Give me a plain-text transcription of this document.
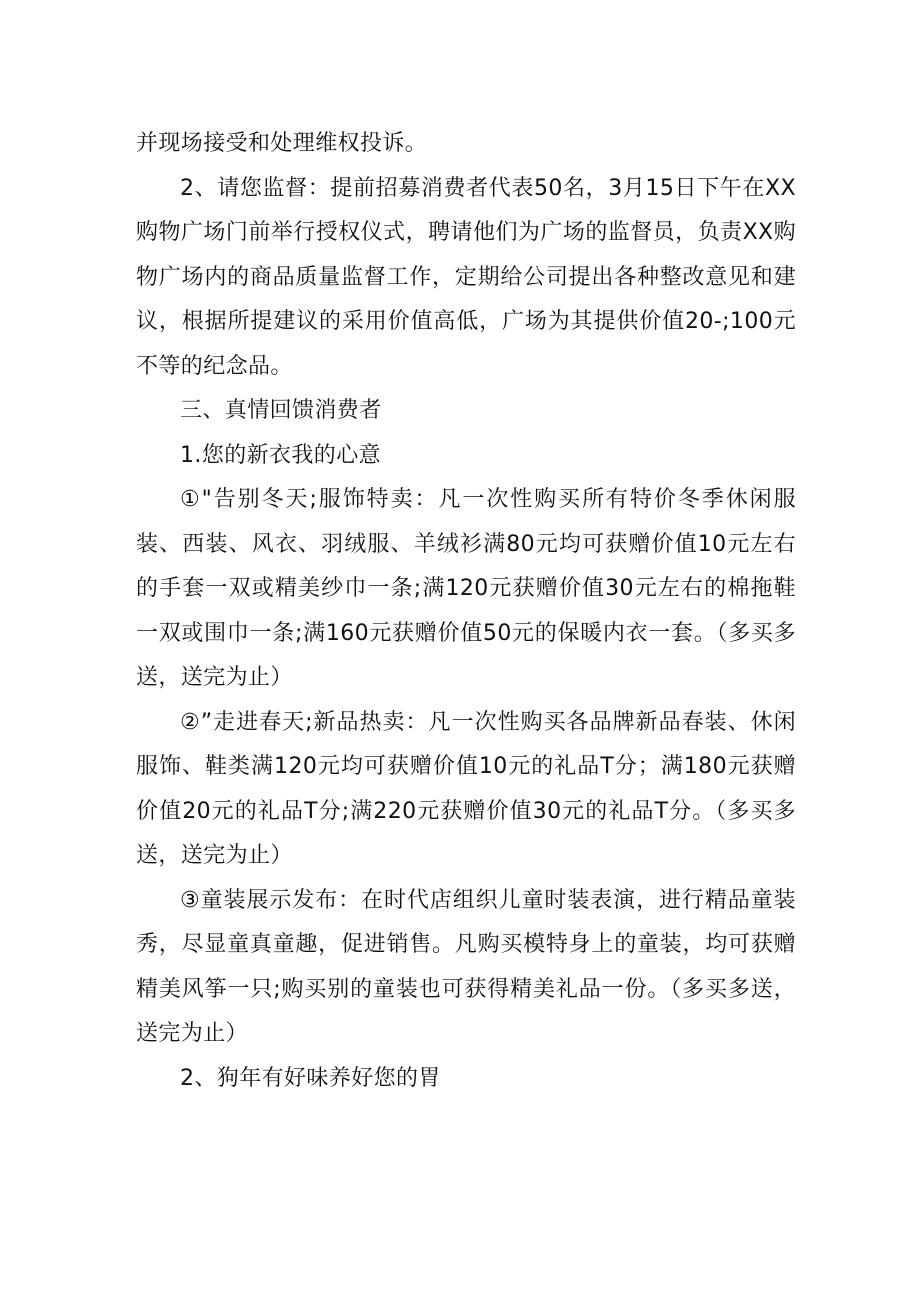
并现场接受和处理维权投诉。

2、请您监督：提前招募消费者代表50名，3月15日下午在XX购物广场门前举行授权仪式，聘请他们为广场的监督员，负责XX购物广场内的商品质量监督工作，定期给公司提出各种整改意见和建议，根据所提建议的采用价值高低，广场为其提供价值20-;100元不等的纪念品。

三、真情回馈消费者

1.您的新衣我的心意

①"告别冬天;服饰特卖：凡一次性购买所有特价冬季休闲服装、西装、风衣、羽绒服、羊绒衫满80元均可获赠价值10元左右的手套一双或精美纱巾一条;满120元获赠价值30元左右的棉拖鞋一双或围巾一条;满160元获赠价值50元的保暖内衣一套。（多买多送，送完为止）

②”走进春天;新品热卖：凡一次性购买各品牌新品春装、休闲服饰、鞋类满120元均可获赠价值10元的礼品T分；满180元获赠价值20元的礼品T分;满220元获赠价值30元的礼品T分。（多买多送，送完为止）

③童装展示发布：在时代店组织儿童时装表演，进行精品童装秀，尽显童真童趣，促进销售。凡购买模特身上的童装，均可获赠精美风筝一只;购买别的童装也可获得精美礼品一份。（多买多送，送完为止）

2、狗年有好味养好您的胃
